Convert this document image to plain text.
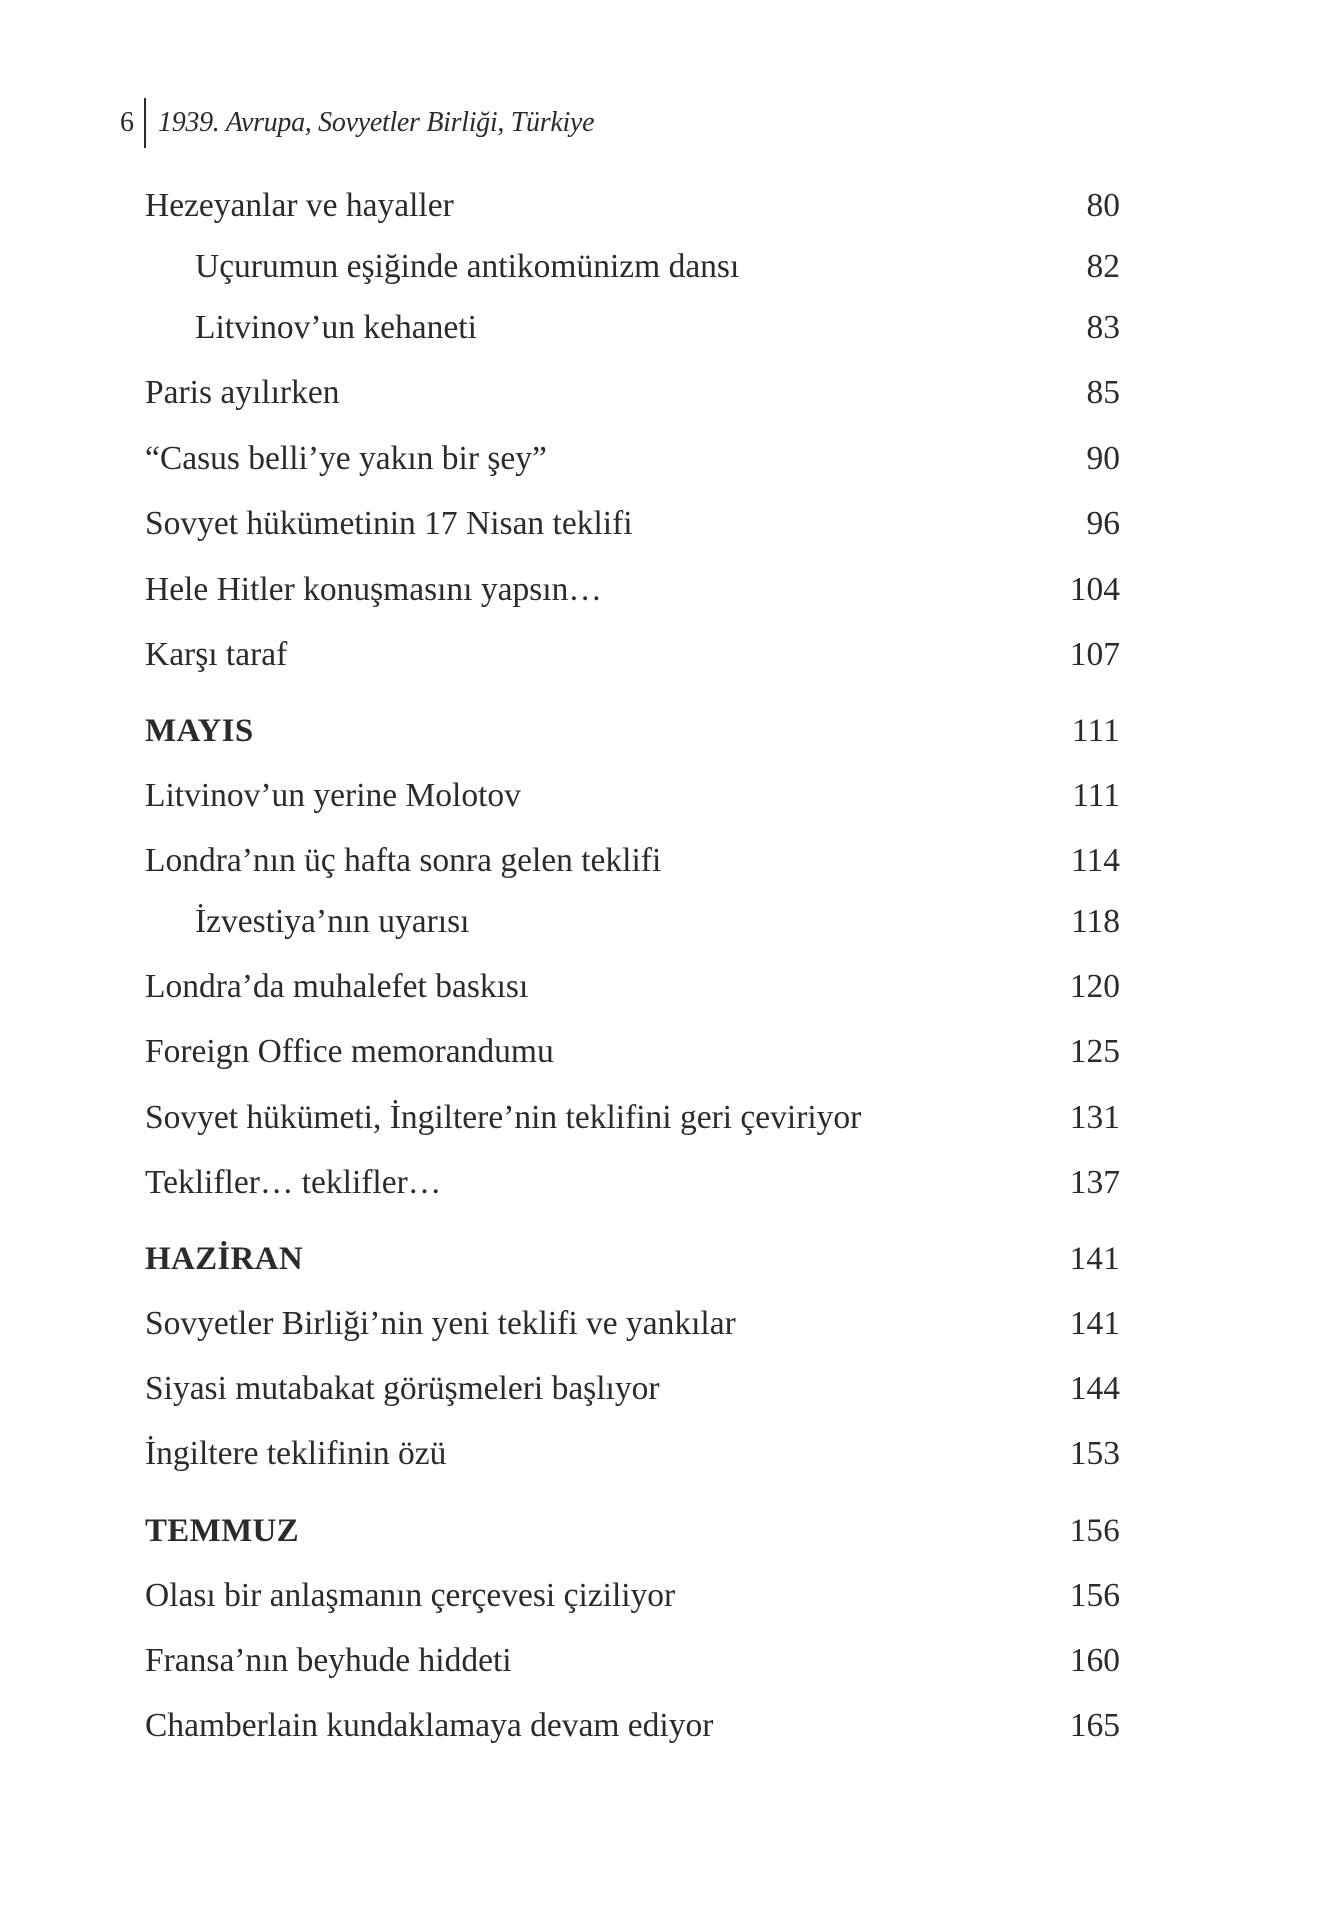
6 1939. Avrupa, Sovyetler Birliği, Türkiye
Hezeyanlar ve hayaller	80
Uçurumun eşiğinde antikomünizm dansı	82
Litvinov’un kehaneti	83
Paris ayılırken	85
“Casus belli’ye yakın bir şey”	90
Sovyet hükümetinin 17 Nisan teklifi	96
Hele Hitler konuşmasını yapsın…	104
Karşı taraf	107
MAYIS	111
Litvinov’un yerine Molotov	111
Londra’nın üç hafta sonra gelen teklifi	114
İzvestiya’nın uyarısı	118
Londra’da muhalefet baskısı	120
Foreign Office memorandumu	125
Sovyet hükümeti, İngiltere’nin teklifini geri çeviriyor	131
Teklifler… teklifler…	137
HAZİRAN	141
Sovyetler Birliği’nin yeni teklifi ve yankılar	141
Siyasi mutabakat görüşmeleri başlıyor	144
İngiltere teklifinin özü	153
TEMMUZ	156
Olası bir anlaşmanın çerçevesi çiziliyor	156
Fransa’nın beyhude hiddeti	160
Chamberlain kundaklamaya devam ediyor	165
